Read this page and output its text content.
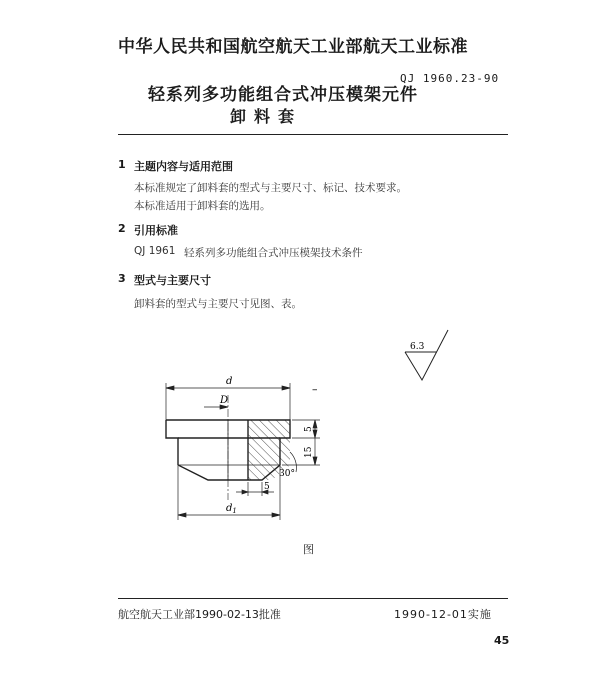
中华人民共和国航空航天工业部航天工业标准
QJ 1960.23-90
轻系列多功能组合式冲压模架元件
卸料套
1 主题内容与适用范围
本标准规定了卸料套的型式与主要尺寸、标记、技术要求。
本标准适用于卸料套的选用。
2 引用标准
QJ 1961 轻系列多功能组合式冲压模架技术条件
3 型式与主要尺寸
卸料套的型式与主要尺寸见图、表。
6.3
d
D
5
15
–
30°
5
$d_1$
图
航空航天工业部1990-02-13批准	1990-12-01实施
45
